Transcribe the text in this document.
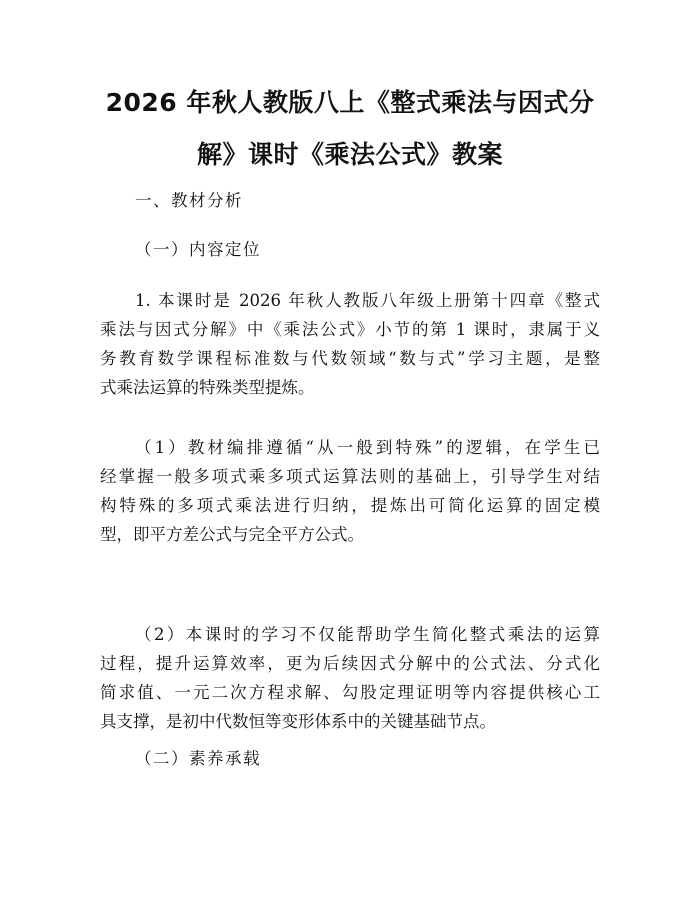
2026 年秋人教版八上《整式乘法与因式分
解》课时《乘法公式》教案
一、教材分析
（一）内容定位
1. 本课时是 2026 年秋人教版八年级上册第十四章《整式
乘法与因式分解》中《乘法公式》小节的第 1 课时，隶属于义
务教育数学课程标准数与代数领域“数与式”学习主题，是整
式乘法运算的特殊类型提炼。
（1）教材编排遵循“从一般到特殊”的逻辑，在学生已
经掌握一般多项式乘多项式运算法则的基础上，引导学生对结
构特殊的多项式乘法进行归纳，提炼出可简化运算的固定模
型，即平方差公式与完全平方公式。
（2）本课时的学习不仅能帮助学生简化整式乘法的运算
过程，提升运算效率，更为后续因式分解中的公式法、分式化
简求值、一元二次方程求解、勾股定理证明等内容提供核心工
具支撑，是初中代数恒等变形体系中的关键基础节点。
（二）素养承载
